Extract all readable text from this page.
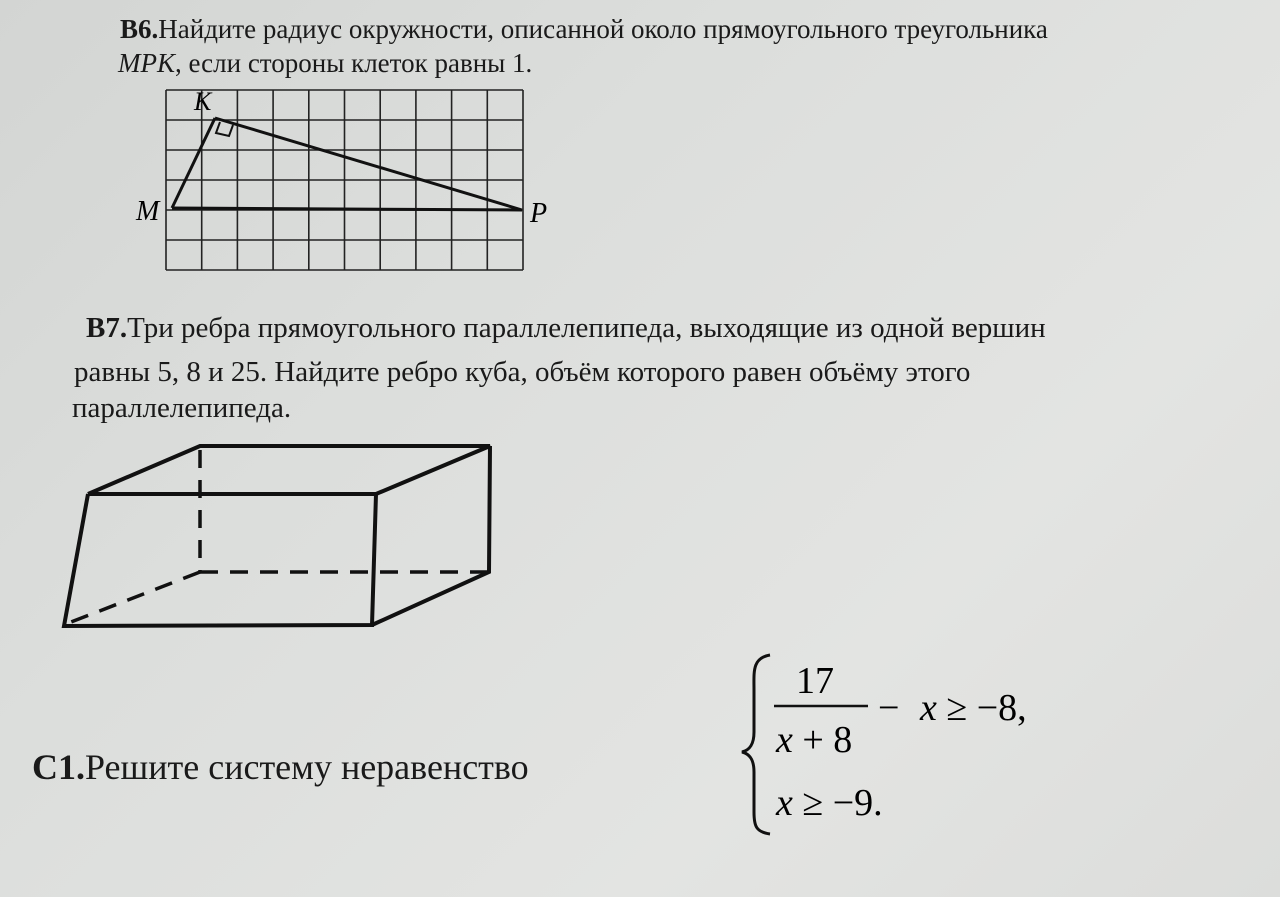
B6.Найдите радиус окружности, описанной около прямоугольного треугольника

MPK, если стороны клеток равны 1.

K
M	P

B7.Три ребра прямоугольного параллелепипеда, выходящие из одной вершин

равны 5, 8 и 25. Найдите ребро куба, объём которого равен объёму этого

параллелепипеда.

C1.Решите систему неравенство

17
x + 8
− x ≥ −8,
x ≥ −9.
